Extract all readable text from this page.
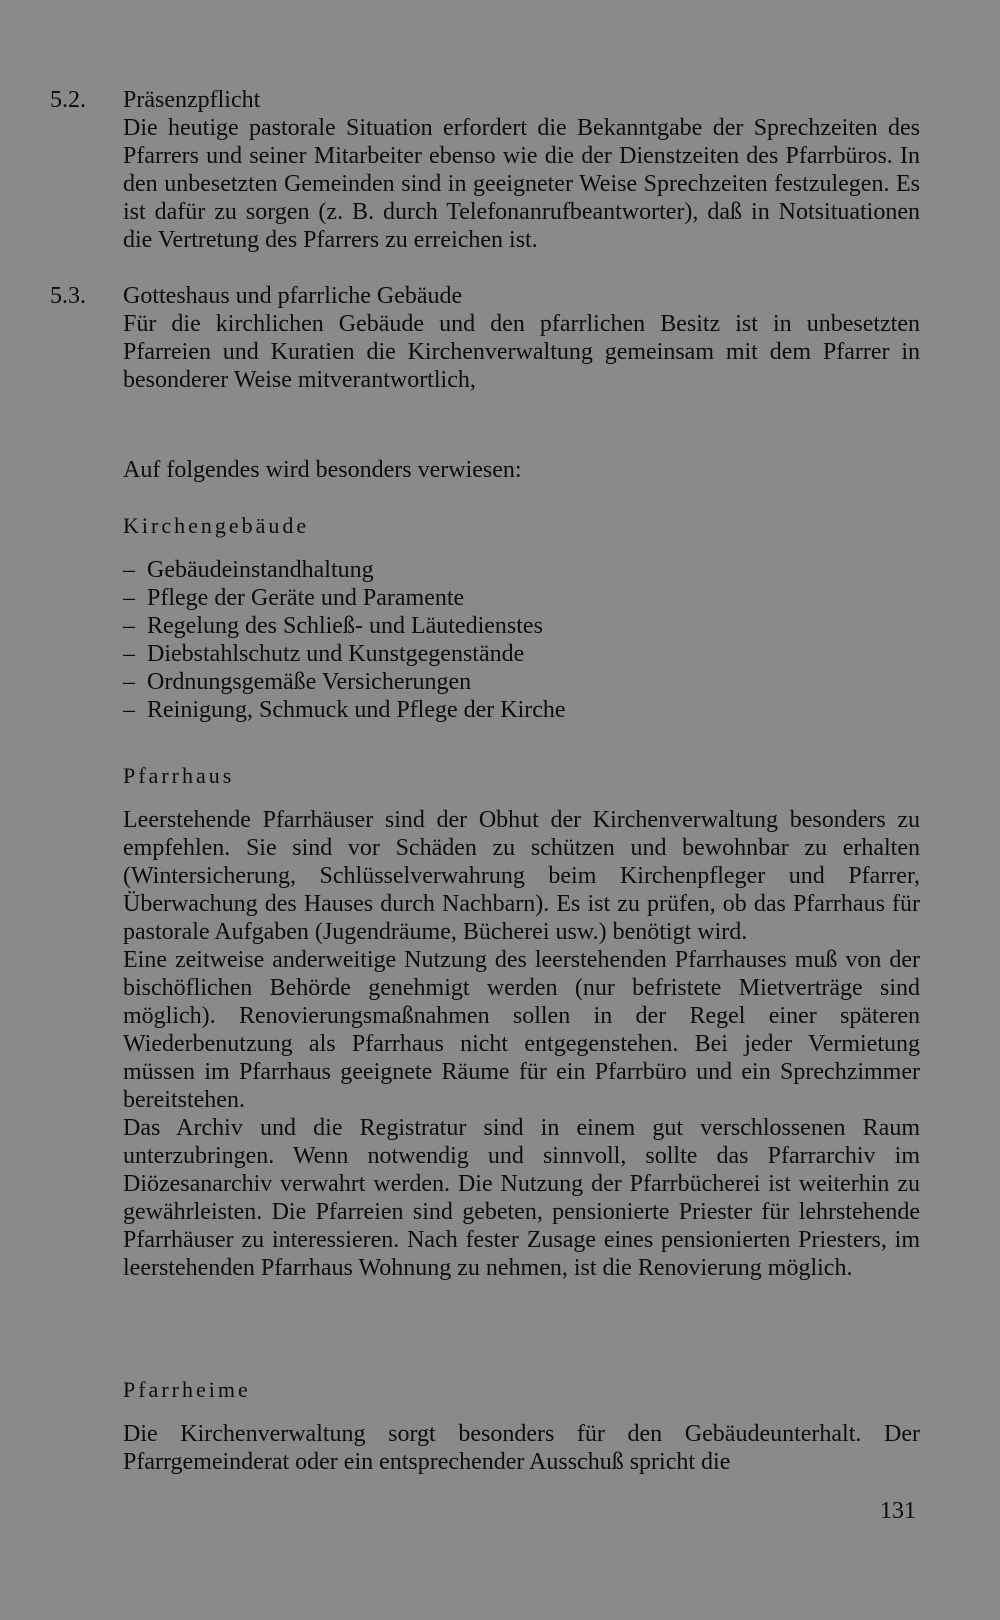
5.2. Präsenzpflicht

Die heutige pastorale Situation erfordert die Bekanntgabe der Sprechzeiten des Pfarrers und seiner Mitarbeiter ebenso wie die der Dienstzeiten des Pfarrbüros. In den unbesetzten Gemeinden sind in geeigneter Weise Sprechzeiten festzulegen. Es ist dafür zu sorgen (z. B. durch Telefonanrufbeantworter), daß in Notsituationen die Vertretung des Pfarrers zu erreichen ist.

5.3. Gotteshaus und pfarrliche Gebäude

Für die kirchlichen Gebäude und den pfarrlichen Besitz ist in unbesetzten Pfarreien und Kuratien die Kirchenverwaltung gemeinsam mit dem Pfarrer in besonderer Weise mitverantwortlich,

Auf folgendes wird besonders verwiesen:
Kirchengebäude
– Gebäudeinstandhaltung
– Pflege der Geräte und Paramente
– Regelung des Schließ- und Läutedienstes
– Diebstahlschutz und Kunstgegenstände
– Ordnungsgemäße Versicherungen
– Reinigung, Schmuck und Pflege der Kirche
Pfarrhaus

Leerstehende Pfarrhäuser sind der Obhut der Kirchenverwaltung besonders zu empfehlen. Sie sind vor Schäden zu schützen und bewohnbar zu erhalten (Wintersicherung, Schlüsselverwahrung beim Kirchenpfleger und Pfarrer, Überwachung des Hauses durch Nachbarn). Es ist zu prüfen, ob das Pfarrhaus für pastorale Aufgaben (Jugendräume, Bücherei usw.) benötigt wird.

Eine zeitweise anderweitige Nutzung des leerstehenden Pfarrhauses muß von der bischöflichen Behörde genehmigt werden (nur befristete Mietverträge sind möglich). Renovierungsmaßnahmen sollen in der Regel einer späteren Wiederbenutzung als Pfarrhaus nicht entgegenstehen. Bei jeder Vermietung müssen im Pfarrhaus geeignete Räume für ein Pfarrbüro und ein Sprechzimmer bereitstehen.

Das Archiv und die Registratur sind in einem gut verschlossenen Raum unterzubringen. Wenn notwendig und sinnvoll, sollte das Pfarrarchiv im Diözesanarchiv verwahrt werden. Die Nutzung der Pfarrbücherei ist weiterhin zu gewährleisten. Die Pfarreien sind gebeten, pensionierte Priester für lehrstehende Pfarrhäuser zu interessieren. Nach fester Zusage eines pensionierten Priesters, im leerstehenden Pfarrhaus Wohnung zu nehmen, ist die Renovierung möglich.

Pfarrheime

Die Kirchenverwaltung sorgt besonders für den Gebäudeunterhalt. Der Pfarrgemeinderat oder ein entsprechender Ausschuß spricht die

131
